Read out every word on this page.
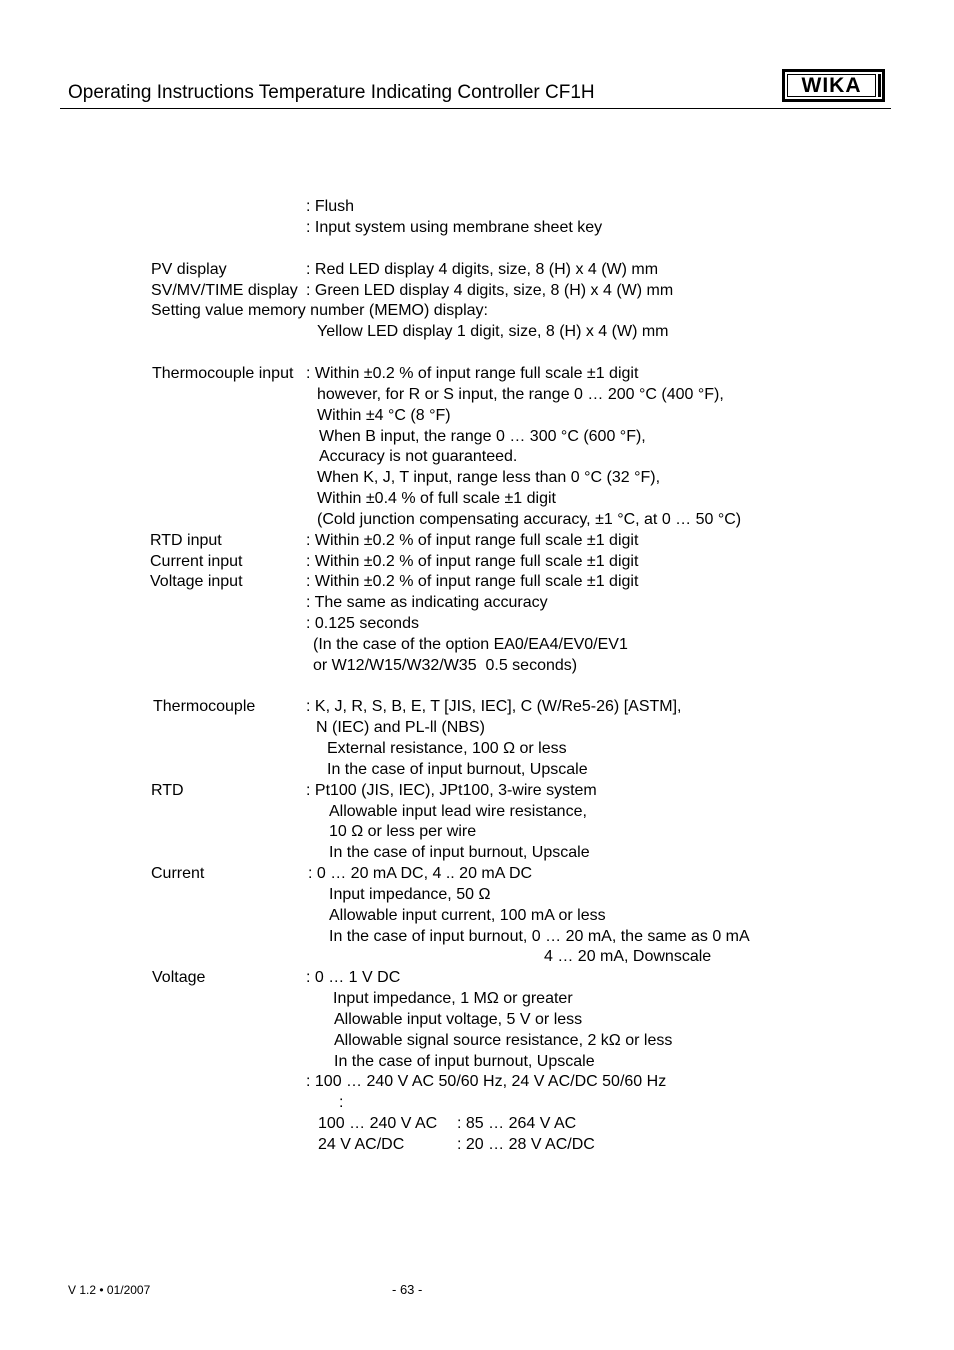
Operating Instructions Temperature Indicating Controller CF1H	WIKA
: Flush
: Input system using membrane sheet key
PV display	: Red LED display 4 digits, size, 8 (H) x 4 (W) mm
SV/MV/TIME display : Green LED display 4 digits, size, 8 (H) x 4 (W) mm
Setting value memory number (MEMO) display:
Yellow LED display 1 digit, size, 8 (H) x 4 (W) mm
Thermocouple input : Within ±0.2 % of input range full scale ±1 digit
however, for R or S input, the range 0 … 200 °C (400 °F),
Within ±4 °C (8 °F)
When B input, the range 0 … 300 °C (600 °F),
Accuracy is not guaranteed.
When K, J, T input, range less than 0 °C (32 °F),
Within ±0.4 % of full scale ±1 digit
(Cold junction compensating accuracy, ±1 °C, at 0 … 50 °C)
RTD input	: Within ±0.2 % of input range full scale ±1 digit
Current input	: Within ±0.2 % of input range full scale ±1 digit
Voltage input	: Within ±0.2 % of input range full scale ±1 digit
: The same as indicating accuracy
: 0.125 seconds
(In the case of the option EA0/EA4/EV0/EV1
or W12/W15/W32/W35  0.5 seconds)
Thermocouple	: K, J, R, S, B, E, T [JIS, IEC], C (W/Re5-26) [ASTM],
N (IEC) and PL-ll (NBS)
External resistance, 100 Ω or less
In the case of input burnout, Upscale
RTD	: Pt100 (JIS, IEC), JPt100, 3-wire system
Allowable input lead wire resistance,
10 Ω or less per wire
In the case of input burnout, Upscale
Current	: 0 … 20 mA DC, 4 .. 20 mA DC
Input impedance, 50 Ω
Allowable input current, 100 mA or less
In the case of input burnout, 0 … 20 mA, the same as 0 mA
4 … 20 mA, Downscale
Voltage	: 0 … 1 V DC
Input impedance, 1 MΩ or greater
Allowable input voltage, 5 V or less
Allowable signal source resistance, 2 kΩ or less
In the case of input burnout, Upscale
: 100 … 240 V AC 50/60 Hz, 24 V AC/DC 50/60 Hz
:
100 … 240 V AC : 85 … 264 V AC
24 V AC/DC	: 20 … 28 V AC/DC
V 1.2 • 01/2007	- 63 -
